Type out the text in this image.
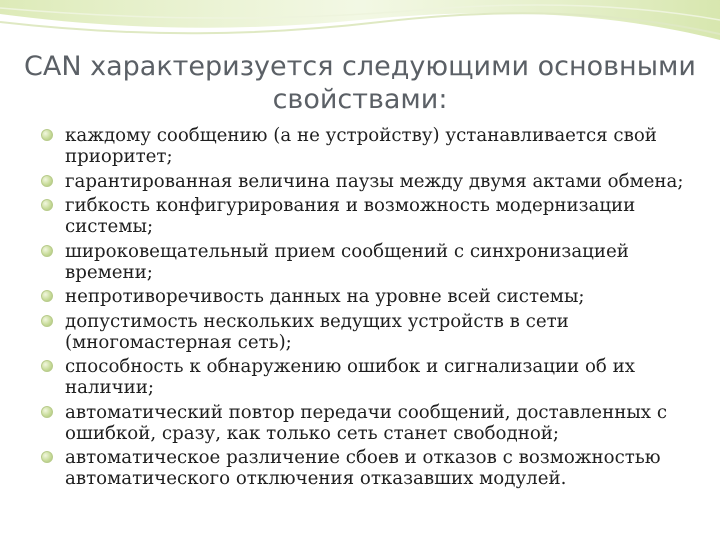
CAN характеризуется следующими основными
свойствами:
каждому сообщению (а не устройству) устанавливается свой приоритет;
гарантированная величина паузы между двумя актами обмена;
гибкость конфигурирования и возможность модернизации системы;
широковещательный прием сообщений с синхронизацией времени;
непротиворечивость данных на уровне всей системы;
допустимость нескольких ведущих устройств в сети (многомастерная сеть);
способность к обнаружению ошибок и сигнализации об их наличии;
автоматический повтор передачи сообщений, доставленных с ошибкой, сразу, как только сеть станет свободной;
автоматическое различение сбоев и отказов с возможностью автоматического отключения отказавших модулей.
